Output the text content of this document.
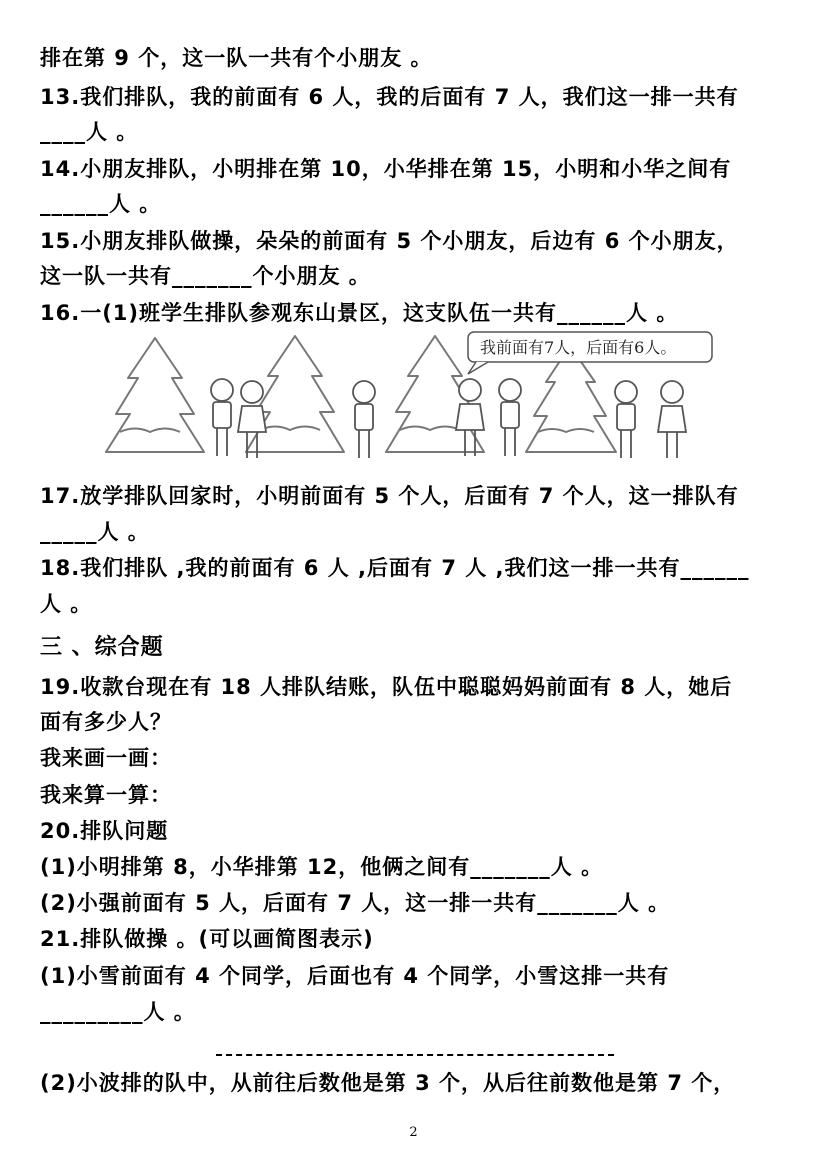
排在第 9 个，这一队一共有个小朋友 。
13.我们排队，我的前面有 6 人，我的后面有 7 人，我们这一排一共有
____人 。
14.小朋友排队，小明排在第 10，小华排在第 15，小明和小华之间有
______人 。
15.小朋友排队做操，朵朵的前面有 5 个小朋友，后边有 6 个小朋友，
这一队一共有_______个小朋友 。
16.一(1)班学生排队参观东山景区，这支队伍一共有______人 。
我前面有7人，后面有6人。
17.放学排队回家时，小明前面有 5 个人，后面有 7 个人，这一排队有
_____人 。
18.我们排队 ,我的前面有 6 人 ,后面有 7 人 ,我们这一排一共有______
人 。
三 、综合题
19.收款台现在有 18 人排队结账，队伍中聪聪妈妈前面有 8 人，她后
面有多少人？
我来画一画：
我来算一算：
20.排队问题
(1)小明排第 8，小华排第 12，他俩之间有_______人 。
(2)小强前面有 5 人，后面有 7 人，这一排一共有_______人 。
21.排队做操 。(可以画简图表示)
(1)小雪前面有 4 个同学，后面也有 4 个同学，小雪这排一共有
_________人 。
(2)小波排的队中，从前往后数他是第 3 个，从后往前数他是第 7 个，
2
